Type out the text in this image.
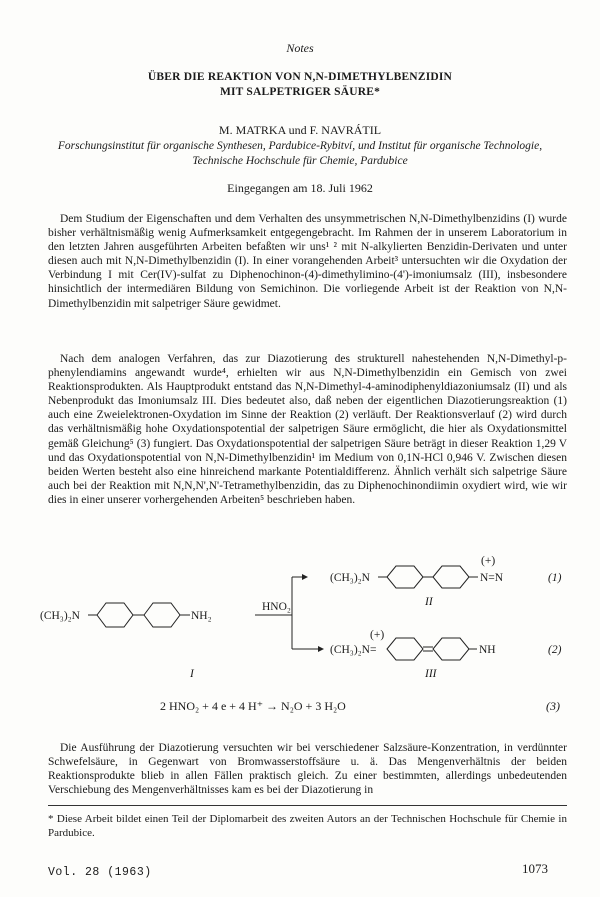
Notes
ÜBER DIE REAKTION VON N,N-DIMETHYLBENZIDIN
MIT SALPETRIGER SÄURE*
M. MATRKA und F. NAVRÁTIL
Forschungsinstitut für organische Synthesen, Pardubice-Rybitví, und Institut für organische Technologie, Technische Hochschule für Chemie, Pardubice
Eingegangen am 18. Juli 1962

Dem Studium der Eigenschaften und dem Verhalten des unsymmetrischen N,N-Dimethylbenzidins (I) wurde bisher verhältnismäßig wenig Aufmerksamkeit entgegengebracht. Im Rahmen der in unserem Laboratorium in den letzten Jahren ausgeführten Arbeiten befaßten wir uns¹ ² mit N-alkylierten Benzidin-Derivaten und unter diesen auch mit N,N-Dimethylbenzidin (I). In einer vorangehenden Arbeit³ untersuchten wir die Oxydation der Verbindung I mit Cer(IV)-sulfat zu Diphenochinon-(4)-dimethylimino-(4')-imoniumsalz (III), insbesondere hinsichtlich der intermediären Bildung von Semichinon. Die vorliegende Arbeit ist der Reaktion von N,N-Dimethylbenzidin mit salpetriger Säure gewidmet.

Nach dem analogen Verfahren, das zur Diazotierung des strukturell nahestehenden N,N-Dimethyl-p-phenylendiamins angewandt wurde⁴, erhielten wir aus N,N-Dimethylbenzidin ein Gemisch von zwei Reaktionsprodukten. Als Hauptprodukt entstand das N,N-Dimethyl-4-aminodiphenyldiazoniumsalz (II) und als Nebenprodukt das Imoniumsalz III. Dies bedeutet also, daß neben der eigentlichen Diazotierungsreaktion (1) auch eine Zweielektronen-Oxydation im Sinne der Reaktion (2) verläuft. Der Reaktionsverlauf (2) wird durch das verhältnismäßig hohe Oxydationspotential der salpetrigen Säure ermöglicht, die hier als Oxydationsmittel gemäß Gleichung⁵ (3) fungiert. Das Oxydationspotential der salpetrigen Säure beträgt in dieser Reaktion 1,29 V und das Oxydationspotential von N,N-Dimethylbenzidin¹ im Medium von 0,1N-HCl 0,946 V. Zwischen diesen beiden Werten besteht also eine hinreichend markante Potentialdifferenz. Ähnlich verhält sich salpetrige Säure auch bei der Reaktion mit N,N,N',N'-Tetramethylbenzidin, das zu Diphenochinondiimin oxydiert wird, wie wir dies in einer unserer vorhergehenden Arbeiten⁵ beschrieben haben.

(CH₃)₂N	NH₂
I
HNO₂
(CH₃)₂N
(+)
N=N
II
(1)
(CH₃)₂N=
(+)
NH
III
(2)
2 HNO₂ + 4 e + 4 H⁺ → N₂O + 3 H₂O	(3)

Die Ausführung der Diazotierung versuchten wir bei verschiedener Salzsäure-Konzentration, in verdünnter Schwefelsäure, in Gegenwart von Bromwasserstoffsäure u. ä. Das Mengenverhältnis der beiden Reaktionsprodukte blieb in allen Fällen praktisch gleich. Zu einer bestimmten, allerdings unbedeutenden Verschiebung des Mengenverhältnisses kam es bei der Diazotierung in

* Diese Arbeit bildet einen Teil der Diplomarbeit des zweiten Autors an der Technischen Hochschule für Chemie in Pardubice.
Vol. 28 (1963)	1073
